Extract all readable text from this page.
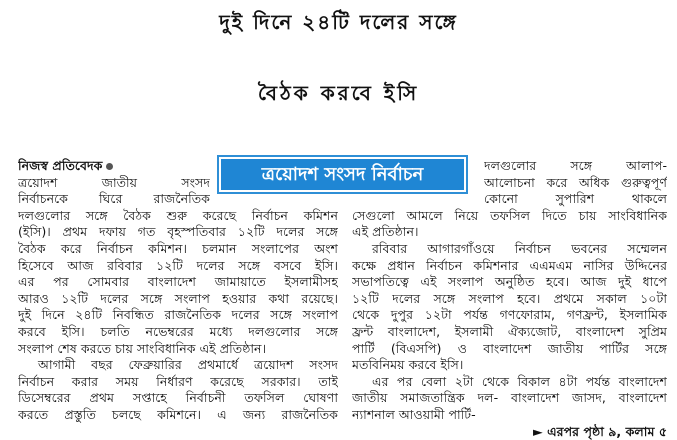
দুই দিনে ২৪টি দলের সঙ্গে
বৈঠক করবে ইসি
ত্রয়োদশ সংসদ নির্বাচন
নিজস্ব প্রতিবেদক
ত্রয়োদশ জাতীয় সংসদ
নির্বাচনকে ঘিরে রাজনৈতিক
দলগুলোর সঙ্গে বৈঠক শুরু করেছে নির্বাচন কমিশন
(ইসি)। প্রথম দফায় গত বৃহস্পতিবার ১২টি দলের সঙ্গে
বৈঠক করে নির্বাচন কমিশন। চলমান সংলাপের অংশ
হিসেবে আজ রবিবার ১২টি দলের সঙ্গে বসবে ইসি।
এর পর সোমবার বাংলাদেশ জামায়াতে ইসলামীসহ
আরও ১২টি দলের সঙ্গে সংলাপ হওয়ার কথা রয়েছে।
দুই দিনে ২৪টি নিবন্ধিত রাজনৈতিক দলের সঙ্গে সংলাপ
করবে ইসি। চলতি নভেম্বরের মধ্যে দলগুলোর সঙ্গে
সংলাপ শেষ করতে চায় সাংবিধানিক এই প্রতিষ্ঠান।
আগামী বছর ফেব্রুয়ারির প্রথমার্ধে ত্রয়োদশ সংসদ
নির্বাচন করার সময় নির্ধারণ করেছে সরকার। তাই
ডিসেম্বরের প্রথম সপ্তাহে নির্বাচনী তফসিল ঘোষণা
করতে প্রস্তুতি চলছে কমিশনে। এ জন্য রাজনৈতিক
দলগুলোর সঙ্গে আলাপ-
আলোচনা করে অধিক গুরুত্বপূর্ণ
কোনো সুপারিশ থাকলে
সেগুলো আমলে নিয়ে তফসিল দিতে চায় সাংবিধানিক
এই প্রতিষ্ঠান।
রবিবার আগারগাঁওয়ে নির্বাচন ভবনের সম্মেলন
কক্ষে প্রধান নির্বাচন কমিশনার এএমএম নাসির উদ্দিনের
সভাপতিত্বে এই সংলাপ অনুষ্ঠিত হবে। আজ দুই ধাপে
১২টি দলের সঙ্গে সংলাপ হবে। প্রথমে সকাল ১০টা
থেকে দুপুর ১২টা পর্যন্ত গণফোরাম, গণফ্রন্ট, ইসলামিক
ফ্রন্ট বাংলাদেশ, ইসলামী ঐক্যজোট, বাংলাদেশ সুপ্রিম
পার্টি (বিএসপি) ও বাংলাদেশ জাতীয় পার্টির সঙ্গে
মতবিনিময় করবে ইসি।
এর পর বেলা ২টা থেকে বিকাল ৪টা পর্যন্ত বাংলাদেশ
জাতীয় সমাজতান্ত্রিক দল- বাংলাদেশ জাসদ, বাংলাদেশ
ন্যাশনাল আওয়ামী পার্টি-
► এরপর পৃষ্ঠা ৯, কলাম ৫
